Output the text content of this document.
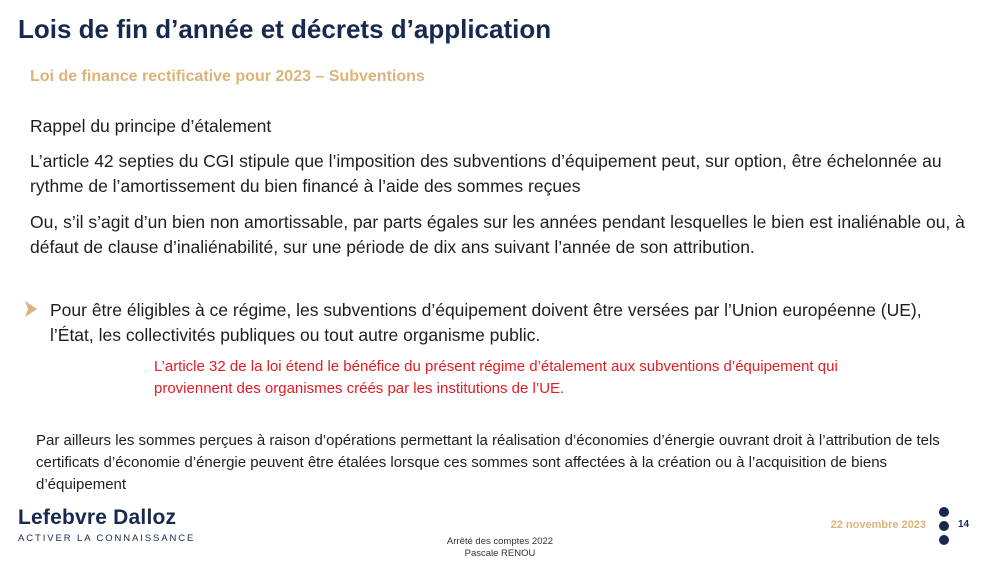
Lois de fin d’année et décrets d’application
Loi de finance rectificative pour 2023 – Subventions

Rappel du principe d’étalement

L’article 42 septies du CGI stipule que l’imposition des subventions d’équipement peut, sur option, être échelonnée au rythme de l’amortissement du bien financé à l’aide des sommes reçues

Ou, s’il s’agit d’un bien non amortissable, par parts égales sur les années pendant lesquelles le bien est inaliénable ou, à défaut de clause d’inaliénabilité, sur une période de dix ans suivant l’année de son attribution.

Pour être éligibles à ce régime, les subventions d’équipement doivent être versées par l’Union européenne (UE), l’État, les collectivités publiques ou tout autre organisme public.

L’article 32 de la loi étend le bénéfice du présent régime d’étalement aux subventions d’équipement qui proviennent des organismes créés par les institutions de l’UE.

Par ailleurs les sommes perçues à raison d’opérations permettant la réalisation d’économies d’énergie ouvrant droit à l’attribution de tels certificats d’économie d’énergie peuvent être étalées lorsque ces sommes sont affectées à la création ou à l’acquisition de biens d’équipement

Lefebvre Dalloz
ACTIVER LA CONNAISSANCE	Arrêté des comptes 2022
Pascale RENOU
22 novembre 2023	14
